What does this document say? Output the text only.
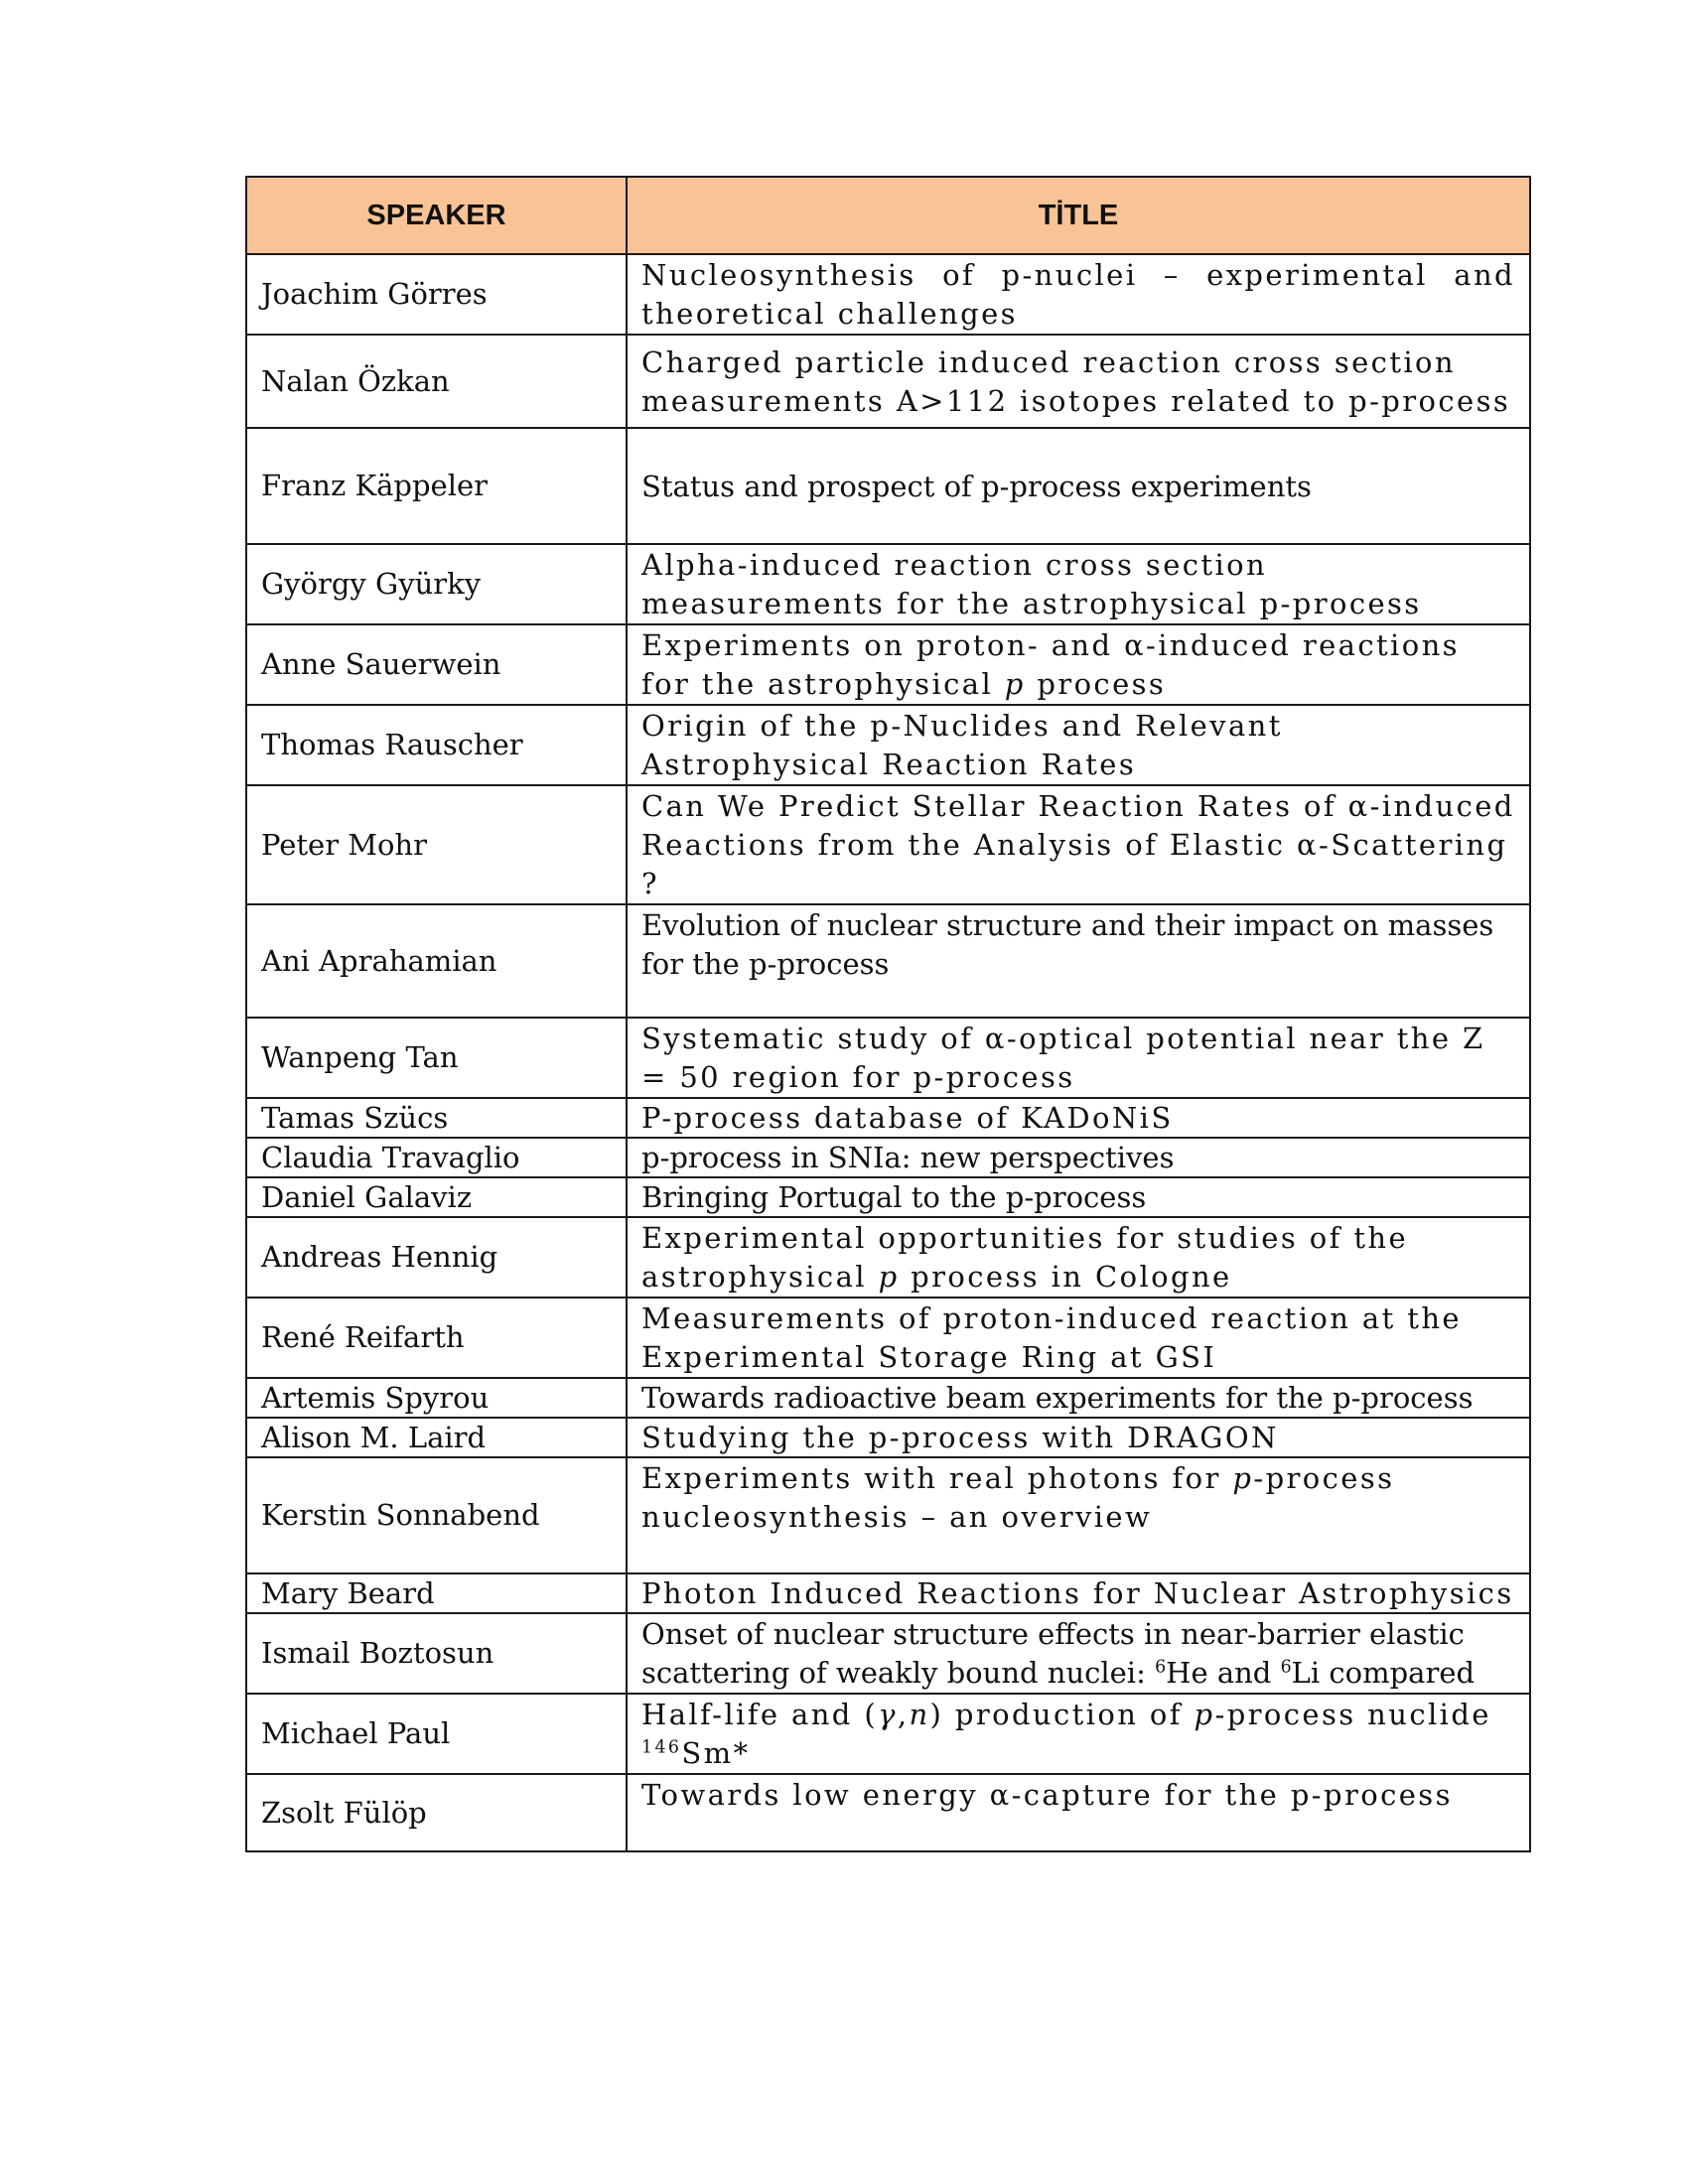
SPEAKER	TİTLE
Joachim Görres	Nucleosynthesis of p-nuclei – experimental and theoretical challenges
Nalan Özkan	Charged particle induced reaction cross section measurements A>112 isotopes related to p-process
Franz Käppeler	Status and prospect of p-process experiments
György Gyürky	Alpha-induced reaction cross section measurements for the astrophysical p-process
Anne Sauerwein	Experiments on proton- and α-induced reactions for the astrophysical p process
Thomas Rauscher	Origin of the p-Nuclides and Relevant Astrophysical Reaction Rates
Peter Mohr	Can We Predict Stellar Reaction Rates of α-induced Reactions from the Analysis of Elastic α-Scattering ?
Ani Aprahamian	Evolution of nuclear structure and their impact on masses for the p-process
Wanpeng Tan	Systematic study of α-optical potential near the Z = 50 region for p-process
Tamas Szücs	P-process database of KADoNiS
Claudia Travaglio	p-process in SNIa: new perspectives
Daniel Galaviz	Bringing Portugal to the p-process
Andreas Hennig	Experimental opportunities for studies of the astrophysical p process in Cologne
René Reifarth	Measurements of proton-induced reaction at the Experimental Storage Ring at GSI
Artemis Spyrou	Towards radioactive beam experiments for the p-process
Alison M. Laird	Studying the p-process with DRAGON
Kerstin Sonnabend	Experiments with real photons for p-process nucleosynthesis – an overview
Mary Beard	Photon Induced Reactions for Nuclear Astrophysics
Ismail Boztosun	Onset of nuclear structure effects in near-barrier elastic scattering of weakly bound nuclei: $^6$He and $^6$Li compared
Michael Paul	Half-life and (γ,n) production of p-process nuclide $^{146}$Sm*
Zsolt Fülöp	Towards low energy α-capture for the p-process
